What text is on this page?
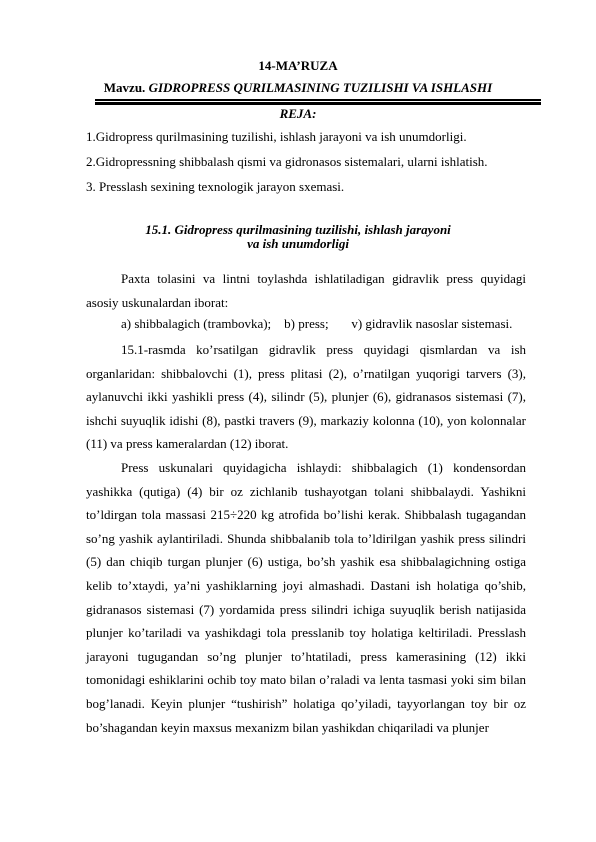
14-MA’RUZA
Mavzu. GIDROPRESS QURILMASINING TUZILISHI VA ISHLASHI
REJA:
1.Gidropress qurilmasining tuzilishi, ishlash jarayoni va ish unumdorligi.
2.Gidropressning shibbalash qismi va gidronasos sistemalari, ularni ishlatish.
3. Presslash sexining texnologik jarayon sxemasi.
15.1. Gidropress qurilmasining tuzilishi, ishlash jarayoni
va ish unumdorligi

Paxta tolasini va lintni toylashda ishlatiladigan gidravlik press quyidagi asosiy uskunalardan iborat:

a) shibbalagich (trambovka); b) press; v) gidravlik nasoslar sistemasi.

15.1-rasmda ko’rsatilgan gidravlik press quyidagi qismlardan va ish organlaridan: shibbalovchi (1), press plitasi (2), o’rnatilgan yuqorigi tarvers (3), aylanuvchi ikki yashikli press (4), silindr (5), plunjer (6), gidranasos sistemasi (7), ishchi suyuqlik idishi (8), pastki travers (9), markaziy kolonna (10), yon kolonnalar (11) va press kameralardan (12) iborat.

Press uskunalari quyidagicha ishlaydi: shibbalagich (1) kondensordan yashikka (qutiga) (4) bir oz zichlanib tushayotgan tolani shibbalaydi. Yashikni to’ldirgan tola massasi 215÷220 kg atrofida bo’lishi kerak. Shibbalash tugagandan so’ng yashik aylantiriladi. Shunda shibbalanib tola to’ldirilgan yashik press silindri (5) dan chiqib turgan plunjer (6) ustiga, bo’sh yashik esa shibbalagichning ostiga kelib to’xtaydi, ya’ni yashiklarning joyi almashadi. Dastani ish holatiga qo’shib, gidranasos sistemasi (7) yordamida press silindri ichiga suyuqlik berish natijasida plunjer ko’tariladi va yashikdagi tola presslanib toy holatiga keltiriladi. Presslash jarayoni tugugandan so’ng plunjer to’htatiladi, press kamerasining (12) ikki tomonidagi eshiklarini ochib toy mato bilan o’raladi va lenta tasmasi yoki sim bilan bog’lanadi. Keyin plunjer “tushirish” holatiga qo’yiladi, tayyorlangan toy bir oz bo’shagandan keyin maxsus mexanizm bilan yashikdan chiqariladi va plunjer
